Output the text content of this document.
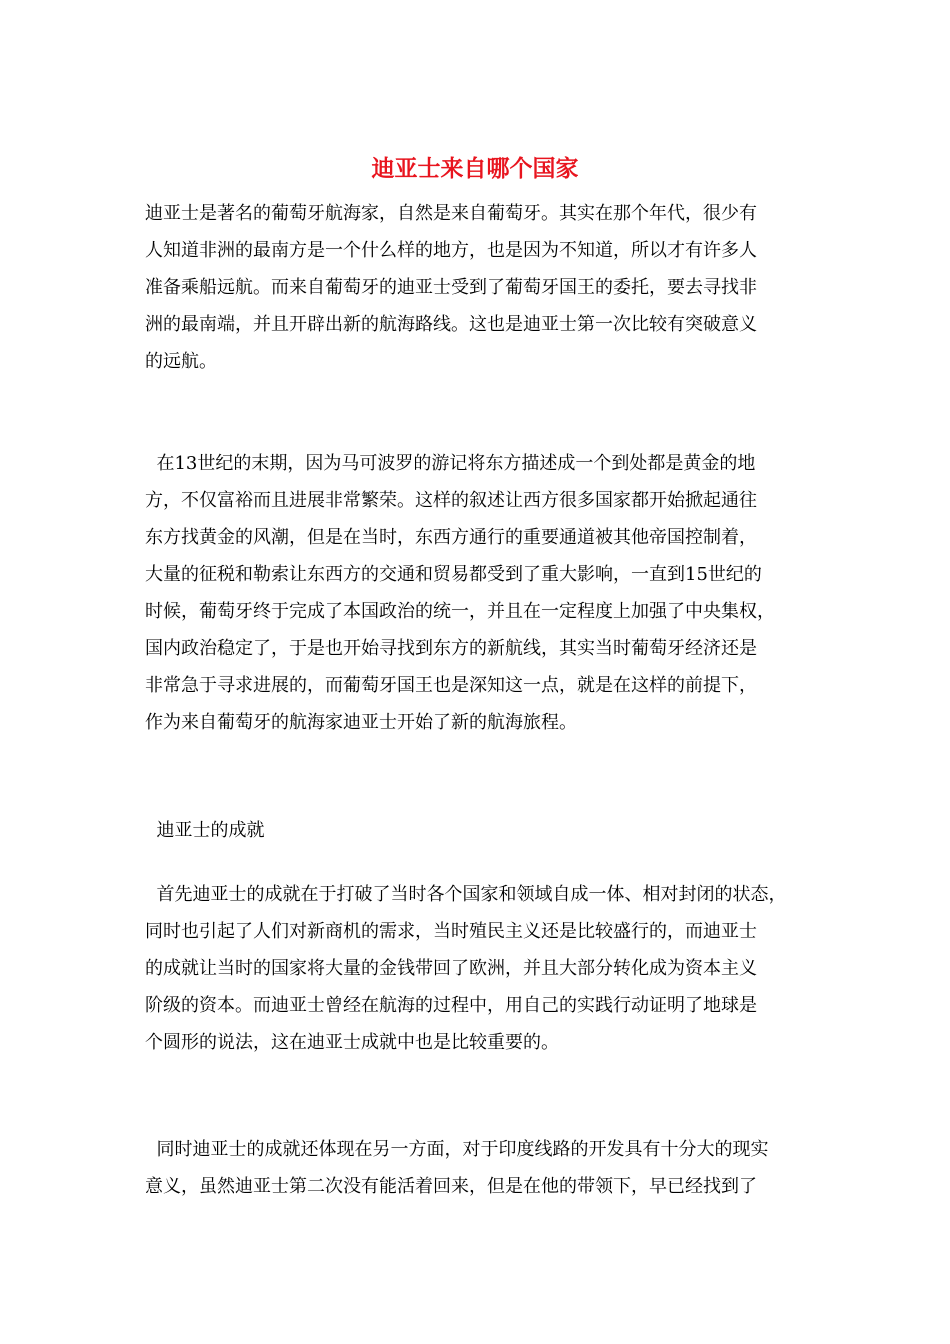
迪亚士来自哪个国家

迪亚士是著名的葡萄牙航海家，自然是来自葡萄牙。其实在那个年代，很少有
人知道非洲的最南方是一个什么样的地方，也是因为不知道，所以才有许多人
准备乘船远航。而来自葡萄牙的迪亚士受到了葡萄牙国王的委托，要去寻找非
洲的最南端，并且开辟出新的航海路线。这也是迪亚士第一次比较有突破意义
的远航。

在13世纪的末期，因为马可波罗的游记将东方描述成一个到处都是黄金的地
方，不仅富裕而且进展非常繁荣。这样的叙述让西方很多国家都开始掀起通往
东方找黄金的风潮，但是在当时，东西方通行的重要通道被其他帝国控制着，
大量的征税和勒索让东西方的交通和贸易都受到了重大影响，一直到15世纪的
时候，葡萄牙终于完成了本国政治的统一，并且在一定程度上加强了中央集权，
国内政治稳定了，于是也开始寻找到东方的新航线，其实当时葡萄牙经济还是
非常急于寻求进展的，而葡萄牙国王也是深知这一点，就是在这样的前提下，
作为来自葡萄牙的航海家迪亚士开始了新的航海旅程。

迪亚士的成就

首先迪亚士的成就在于打破了当时各个国家和领域自成一体、相对封闭的状态，
同时也引起了人们对新商机的需求，当时殖民主义还是比较盛行的，而迪亚士
的成就让当时的国家将大量的金钱带回了欧洲，并且大部分转化成为资本主义
阶级的资本。而迪亚士曾经在航海的过程中，用自己的实践行动证明了地球是
个圆形的说法，这在迪亚士成就中也是比较重要的。

同时迪亚士的成就还体现在另一方面，对于印度线路的开发具有十分大的现实
意义，虽然迪亚士第二次没有能活着回来，但是在他的带领下，早已经找到了
